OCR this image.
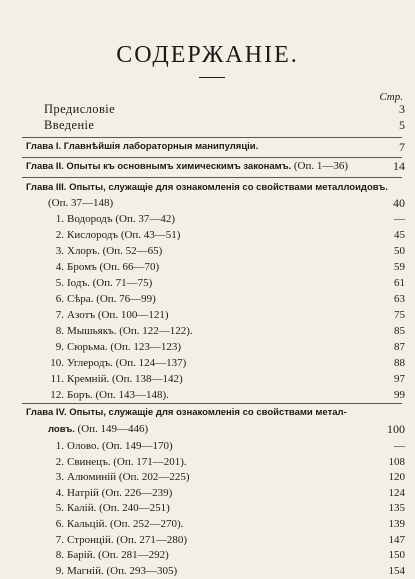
СОДЕРЖАНІЕ.
Стр.
Предисловіе	3
Введеніе	5
Глава I. Главнѣйшія лабораторныя манипуляціи.	7
Глава II. Опыты къ основнымъ химическимъ законамъ. (Оп. 1—36)	14
Глава III. Опыты, служащіе для ознакомленія со свойствами металлоидовъ.
(Оп. 37—148)	40
1. Водородъ (Оп. 37—42)	—
2. Кислородъ (Оп. 43—51)	45
3. Хлоръ. (Оп. 52—65)	50
4. Бромъ (Оп. 66—70)	59
5. Іодъ. (Оп. 71—75)	61
6. Сѣра. (Оп. 76—99)	63
7. Азотъ (Оп. 100—121)	75
8. Мышьякъ. (Оп. 122—122).	85
9. Сюрьма. (Оп. 123—123)	87
10. Углеродъ. (Оп. 124—137)	88
11. Кремній. (Оп. 138—142)	97
12. Боръ. (Оп. 143—148).	99
Глава IV. Опыты, служащіе для ознакомленія со свойствами метал-
ловъ. (Оп. 149—446)	100
1. Олово. (Оп. 149—170)	—
2. Свинецъ. (Оп. 171—201).	108
3. Алюминій (Оп. 202—225)	120
4. Натрій (Оп. 226—239)	124
5. Калій. (Оп. 240—251)	135
6. Кальцій. (Оп. 252—270).	139
7. Стронцій. (Оп. 271—280)	147
8. Барій. (Оп. 281—292)	150
9. Магній. (Оп. 293—305)	154
